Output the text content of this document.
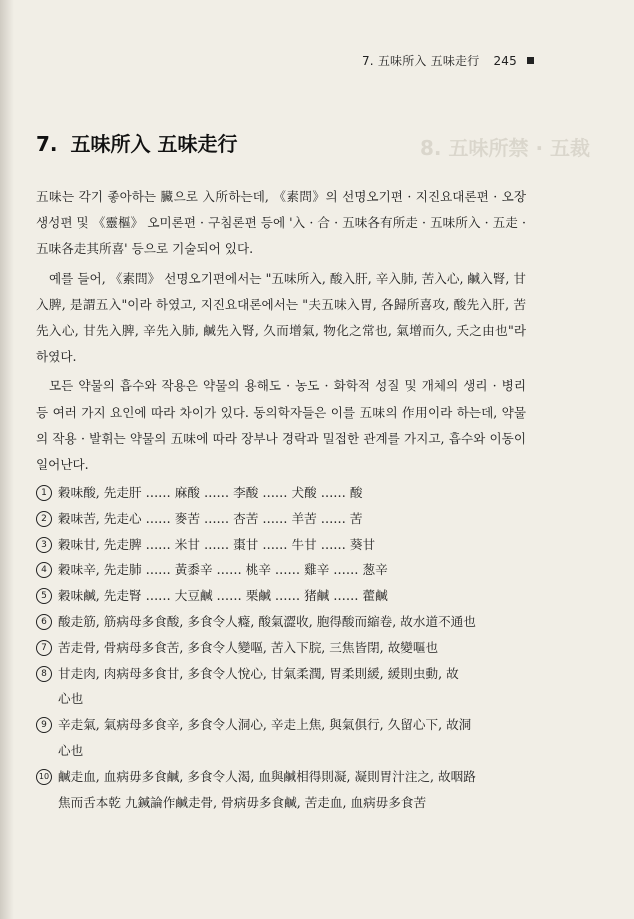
8. 五味所禁 · 五裁
7. 五味所入 五味走行 245
7. 五味所入 五味走行

五味는 각기 좋아하는 臟으로 入所하는데, 《素問》의 선명오기편 · 지진요대론편 · 오장생성편 및 《靈樞》 오미론편 · 구침론편 등에 '入 · 合 · 五味各有所走 · 五味所入 · 五走 · 五味各走其所喜' 등으로 기술되어 있다.

예를 들어, 《素問》 선명오기편에서는 "五味所入, 酸入肝, 辛入肺, 苦入心, 鹹入腎, 甘入脾, 是謂五入"이라 하였고, 지진요대론에서는 "夫五味入胃, 各歸所喜攻, 酸先入肝, 苦先入心, 甘先入脾, 辛先入肺, 鹹先入腎, 久而增氣, 物化之常也, 氣增而久, 夭之由也"라 하였다.

모든 약물의 흡수와 작용은 약물의 용해도 · 농도 · 화학적 성질 및 개체의 생리 · 병리 등 여러 가지 요인에 따라 차이가 있다. 동의학자들은 이를 五味의 作用이라 하는데, 약물의 작용 · 발휘는 약물의 五味에 따라 장부나 경락과 밀접한 관계를 가지고, 흡수와 이동이 일어난다.

1 穀味酸, 先走肝 …… 麻酸 …… 李酸 …… 犬酸 …… 酸
2 穀味苦, 先走心 …… 麥苦 …… 杏苦 …… 羊苦 …… 苦
3 穀味甘, 先走脾 …… 米甘 …… 棗甘 …… 牛甘 …… 葵甘
4 穀味辛, 先走肺 …… 黃黍辛 …… 桃辛 …… 雞辛 …… 葱辛
5 穀味鹹, 先走腎 …… 大豆鹹 …… 栗鹹 …… 猪鹹 …… 藿鹹
6 酸走筋, 筋病母多食酸, 多食令人癃, 酸氣澀收, 胞得酸而縮卷, 故水道不通也
7 苦走骨, 骨病母多食苦, 多食令人變嘔, 苦入下脘, 三焦皆閉, 故變嘔也
8 甘走肉, 肉病母多食甘, 多食令人悅心, 甘氣柔潤, 胃柔則緩, 緩則虫動, 故
心也
9 辛走氣, 氣病母多食辛, 多食令人洞心, 辛走上焦, 與氣俱行, 久留心下, 故洞
心也
10 鹹走血, 血病毋多食鹹, 多食令人渴, 血與鹹相得則凝, 凝則胃汁注之, 故咽路
焦而舌本乾 九鍼論作鹹走骨, 骨病毋多食鹹, 苦走血, 血病毋多食苦
